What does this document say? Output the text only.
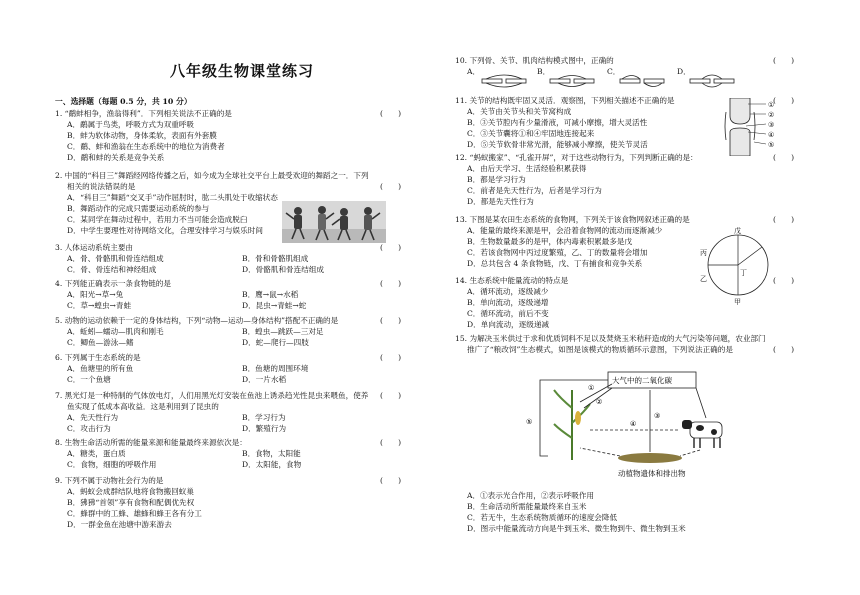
八年级生物课堂练习
一、选择题（每题 0.5 分，共 10 分）
1. “鹬蚌相争，渔翁得利”．下列相关说法不正确的是	(　　)
A．鹬属于鸟类，呼吸方式为双重呼吸
B．蚌为软体动物，身体柔软，表面有外套膜
C．鹬、蚌和渔翁在生态系统中的地位为消费者
D．鹬和蚌的关系是竞争关系
2. 中国的“科目三”舞蹈经网络传播之后，如今成为全球社交平台上最受欢迎的舞蹈之一．下列
相关的说法错误的是	(　　)
A．“科目三”舞蹈“交叉手”动作屈肘时，肱二头肌处于收缩状态
B．舞蹈动作的完成只需要运动系统的参与
C．某同学在舞动过程中，若用力不当可能会造成脱臼
D．中学生要理性对待网络文化，合理安排学习与娱乐时间
3. 人体运动系统主要由	(　　)
A．骨、骨骼肌和骨连结组成	B．骨和骨骼肌组成
C．骨、骨连结和神经组成	D．骨骼肌和骨连结组成
4. 下列能正确表示一条食物链的是	(　　)
A．阳光→草→兔	B．鹰→鼠→水稻
C．草→蝗虫→青蛙	D．昆虫→青蛙→蛇
5. 动物的运动依赖于一定的身体结构，下列“动物—运动—身体结构”搭配不正确的是	(　　)
A．蚯蚓—蠕动—肌肉和刚毛	B．蝗虫—跳跃—三对足
C．鲫鱼—游泳—鳍	D．蛇—爬行—四肢
6. 下列属于生态系统的是	(　　)
A．鱼塘里的所有鱼	B．鱼塘的周围环境
C．一个鱼塘	D．一片水稻
7. 黑光灯是一种特制的气体放电灯，人们用黑光灯安装在鱼池上诱杀趋光性昆虫来喂鱼，使养
鱼实现了低成本高收益．这是利用到了昆虫的
(　　)
A．先天性行为	B．学习行为
C．攻击行为	D．繁殖行为
8. 生物生命活动所需的能量来源和能量最终来源依次是：	(　　)
A．糖类，蛋白质	B．食物，太阳能
C．食物，细胞的呼吸作用	D．太阳能，食物
9. 下列不属于动物社会行为的是	(　　)
A．蚂蚁会成群结队地将食物搬回蚁巢
B．狒狒“首领”享有食物和配偶优先权
C．蜂群中的工蜂、雄蜂和蜂王各有分工
D．一群金鱼在池塘中游来游去
10. 下列骨、关节、肌肉结构模式图中，正确的	(　　)
A．	B．	C．	D．
11. 关节的结构既牢固又灵活．观察图，下列相关描述不正确的是	(　　)
A．关节由关节头和关节窝构成
B．③关节腔内有少量滑液，可减小摩擦，增大灵活性
C．③关节囊将①和④牢固地连接起来
D．⑤关节软骨非常光滑，能够减小摩擦，使关节灵活
12. “蚂蚁搬家”、“孔雀开屏”，对于这些动物行为，下列判断正确的是：	(　　)
A．由后天学习、生活经验积累获得
B．都是学习行为
C．前者是先天性行为，后者是学习行为
D．都是先天性行为
13. 下图是某农田生态系统的食物网，下列关于该食物网叙述正确的是	(　　)
A．能量的最终来源是甲，会沿着食物网的流动而逐渐减少
B．生物数量最多的是甲，体内毒素积累最多是戊
C．若该食物网中丙过度繁殖，乙、丁的数量将会增加
D．总共包含 4 条食物链，戊、丁有捕食和竞争关系
14. 生态系统中能量流动的特点是	(　　)
A．循环流动，逐级减少
B．单向流动，逐级递增
C．循环流动，前后不变
D．单向流动，逐级递减
15. 为解决玉米供过于求和优质饲料不足以及焚烧玉米秸秆造成的大气污染等问题，农业部门
推广了“粮改饲”生态模式，如图是该模式的物质循环示意图，下列说法正确的是	(　　)
A．①表示光合作用，②表示呼吸作用
B．生命活动所需能量最终来自玉米
C．若无牛，生态系统物质循环的速度会降低
D．图示中能量流动方向是牛到玉米、微生物到牛、微生物到玉米
①
②
③
④
⑤
戊
丙
丁
乙
甲
大气中的二氧化碳
动植物遗体和排出物
①
②
③
④
⑤
